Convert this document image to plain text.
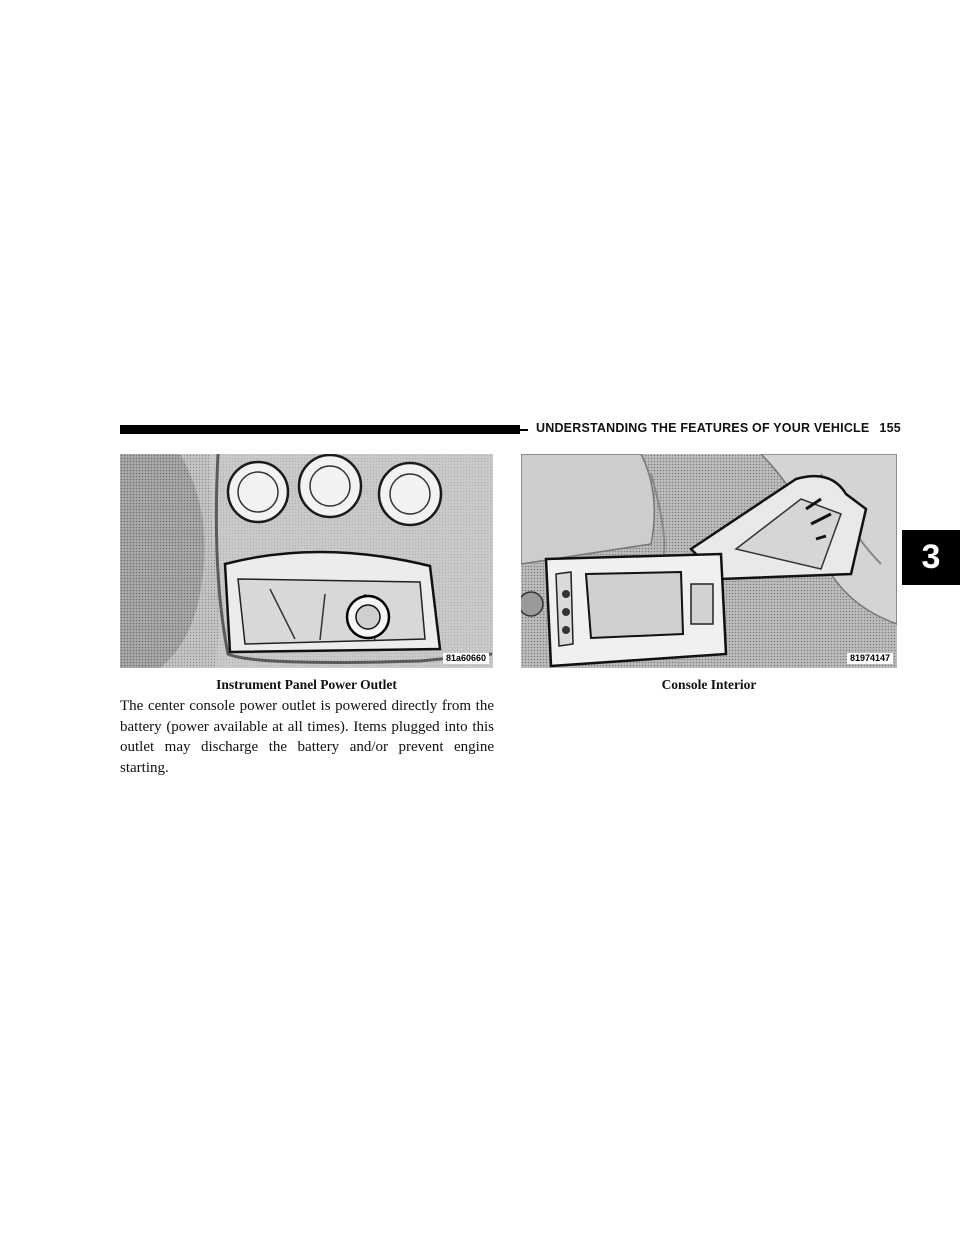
UNDERSTANDING THE FEATURES OF YOUR VEHICLE 155
3
81a60660	81974147
Instrument Panel Power Outlet	Console Interior

The center console power outlet is powered directly from the battery (power available at all times). Items plugged into this outlet may discharge the battery and/or prevent engine starting.
